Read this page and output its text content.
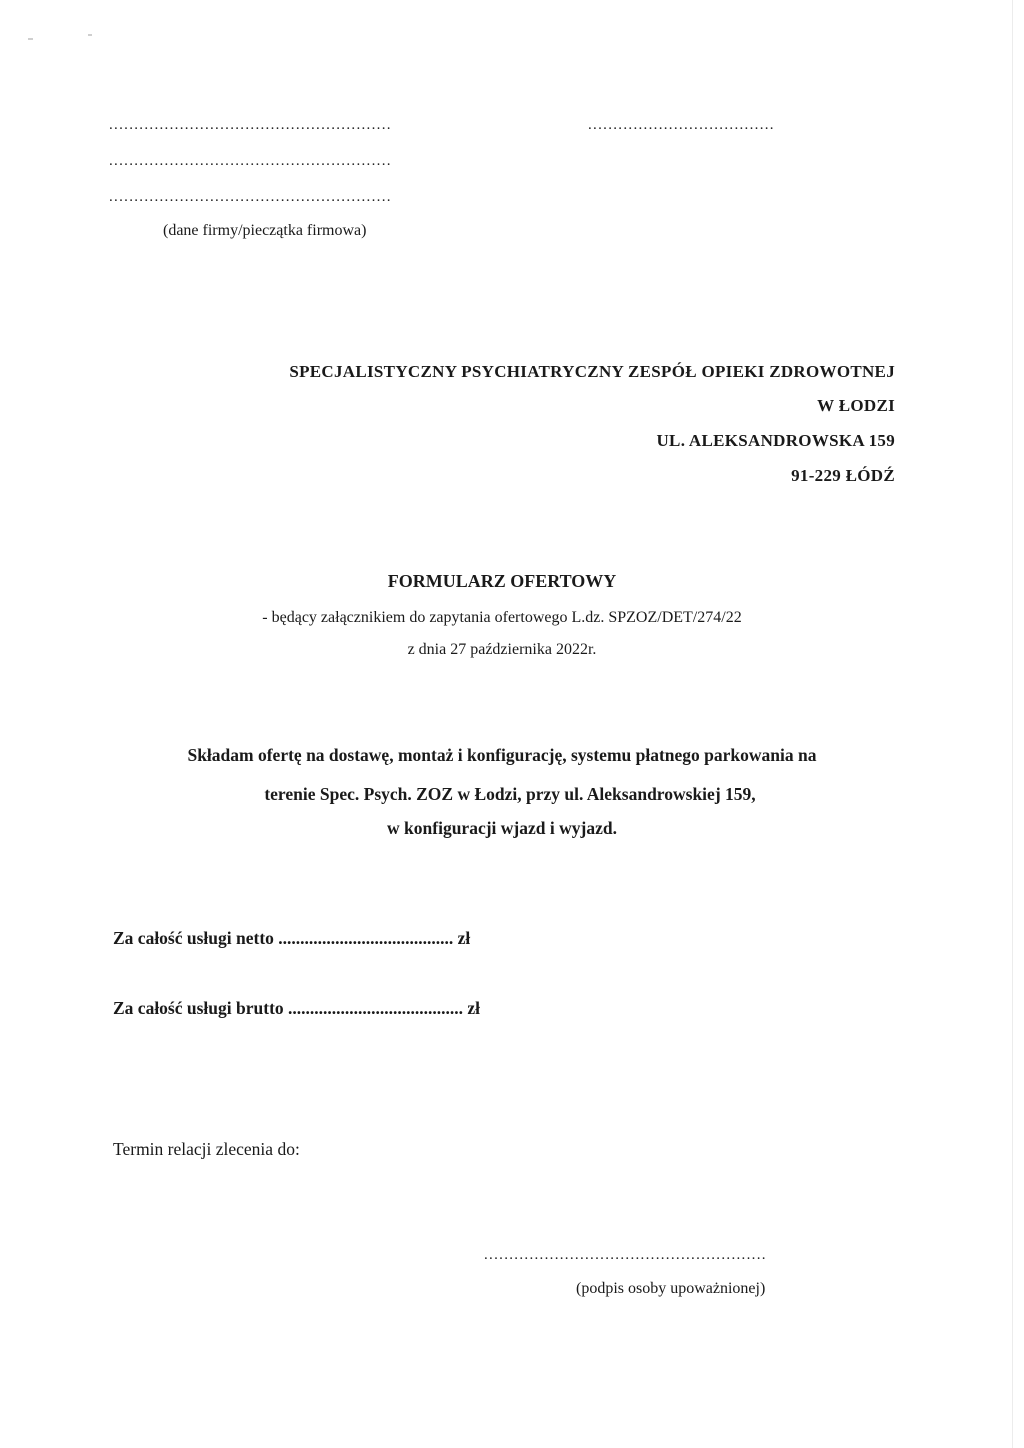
........................................................	.....................................
........................................................
........................................................
(dane firmy/pieczątka firmowa)
SPECJALISTYCZNY PSYCHIATRYCZNY ZESPÓŁ OPIEKI ZDROWOTNEJ
W ŁODZI
UL. ALEKSANDROWSKA 159
91-229 ŁÓDŹ
FORMULARZ OFERTOWY
- będący załącznikiem do zapytania ofertowego L.dz. SPZOZ/DET/274/22
z dnia 27 października 2022r.
Składam ofertę na dostawę, montaż i konfigurację, systemu płatnego parkowania na
terenie Spec. Psych. ZOZ w Łodzi, przy ul. Aleksandrowskiej 159,
w konfiguracji wjazd i wyjazd.
Za całość usługi netto ........................................ zł
Za całość usługi brutto ........................................ zł
Termin relacji zlecenia do:
........................................................
(podpis osoby upoważnionej)
